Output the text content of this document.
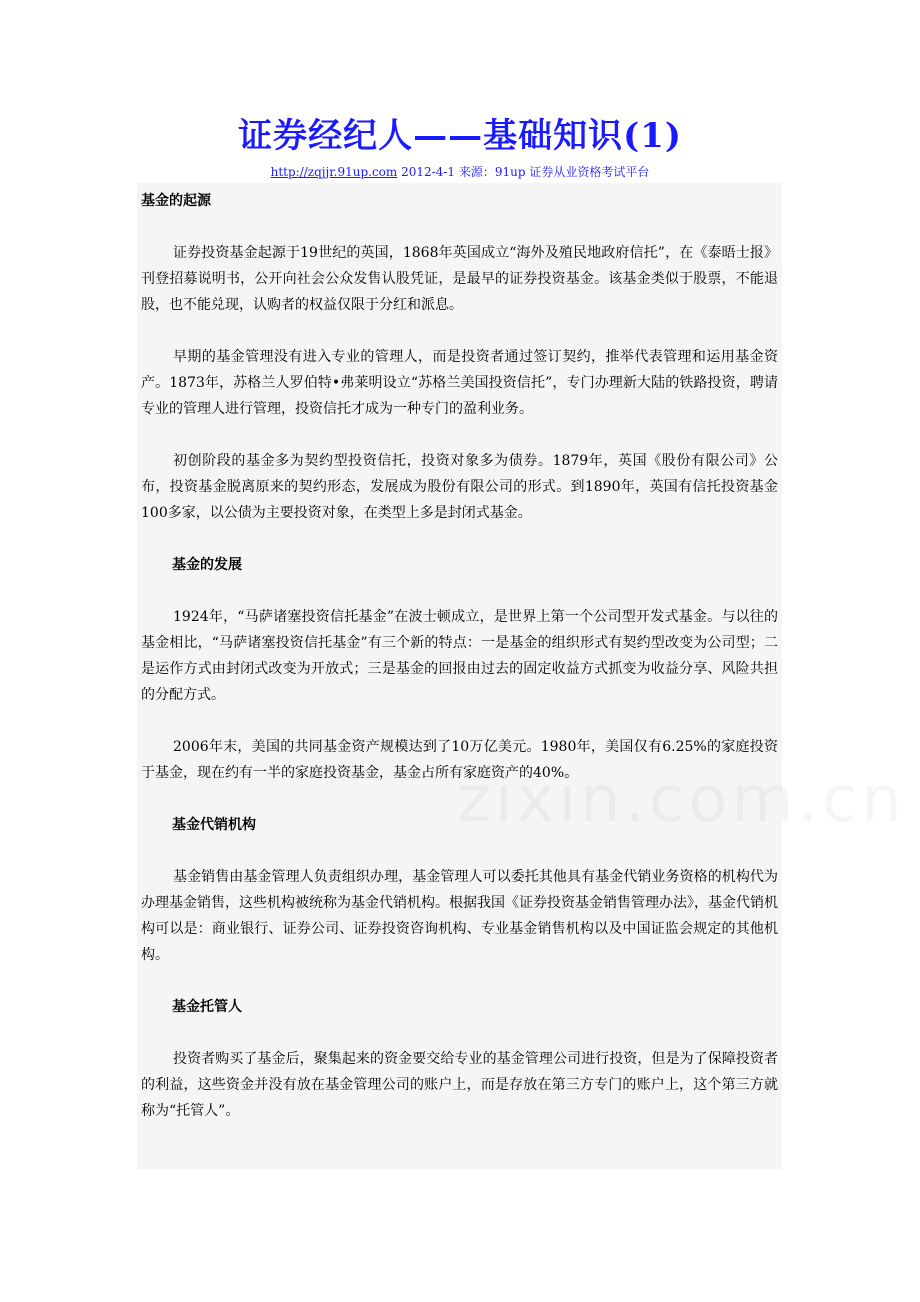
证券经纪人——基础知识(1)
http://zqjjr.91up.com 2012-4-1 来源：91up 证券从业资格考试平台

基金的起源

证券投资基金起源于19世纪的英国，1868年英国成立“海外及殖民地政府信托”，在《泰晤士报》刊登招募说明书，公开向社会公众发售认股凭证，是最早的证券投资基金。该基金类似于股票，不能退股，也不能兑现，认购者的权益仅限于分红和派息。

早期的基金管理没有进入专业的管理人，而是投资者通过签订契约，推举代表管理和运用基金资产。1873年，苏格兰人罗伯特•弗莱明设立“苏格兰美国投资信托”，专门办理新大陆的铁路投资，聘请专业的管理人进行管理，投资信托才成为一种专门的盈利业务。

初创阶段的基金多为契约型投资信托，投资对象多为债券。1879年，英国《股份有限公司》公布，投资基金脱离原来的契约形态，发展成为股份有限公司的形式。到1890年，英国有信托投资基金100多家，以公债为主要投资对象，在类型上多是封闭式基金。

基金的发展

1924年，“马萨诸塞投资信托基金”在波士顿成立，是世界上第一个公司型开发式基金。与以往的基金相比，“马萨诸塞投资信托基金”有三个新的特点：一是基金的组织形式有契约型改变为公司型；二是运作方式由封闭式改变为开放式；三是基金的回报由过去的固定收益方式抓变为收益分享、风险共担的分配方式。

2006年末，美国的共同基金资产规模达到了10万亿美元。1980年，美国仅有6.25%的家庭投资于基金，现在约有一半的家庭投资基金，基金占所有家庭资产的40%。

基金代销机构

基金销售由基金管理人负责组织办理，基金管理人可以委托其他具有基金代销业务资格的机构代为办理基金销售，这些机构被统称为基金代销机构。根据我国《证券投资基金销售管理办法》，基金代销机构可以是：商业银行、证券公司、证券投资咨询机构、专业基金销售机构以及中国证监会规定的其他机构。

基金托管人

投资者购买了基金后，聚集起来的资金要交给专业的基金管理公司进行投资，但是为了保障投资者的利益，这些资金并没有放在基金管理公司的账户上，而是存放在第三方专门的账户上，这个第三方就称为“托管人”。
